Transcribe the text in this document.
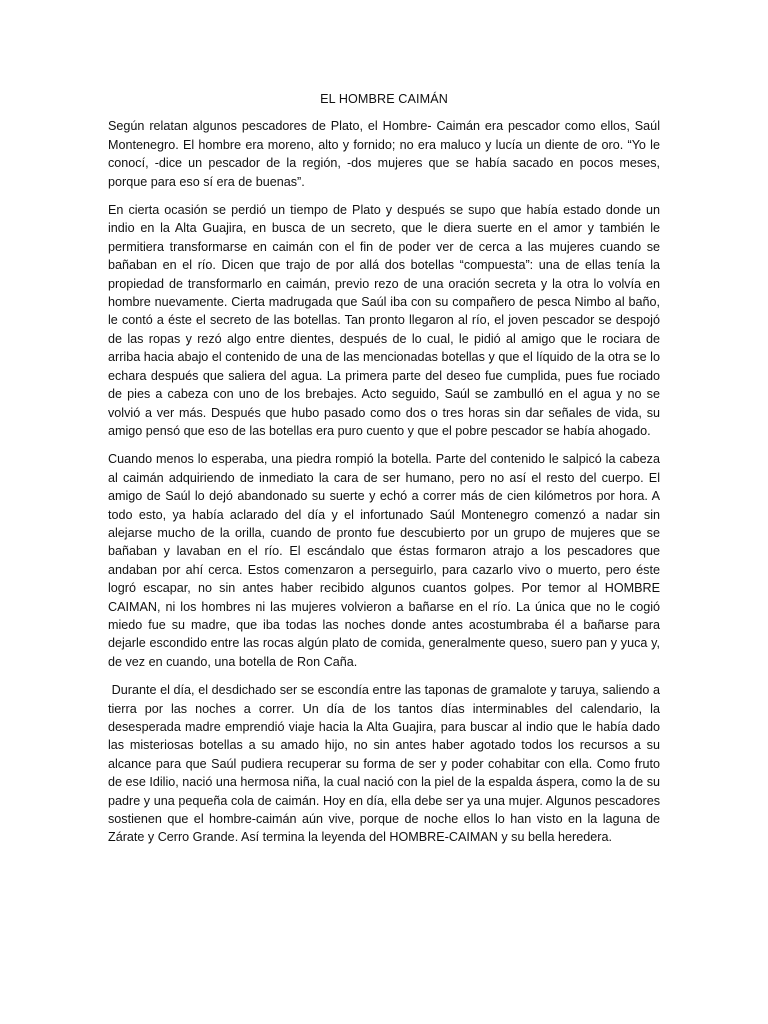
EL HOMBRE CAIMÁN

Según relatan algunos pescadores de Plato, el Hombre- Caimán era pescador como ellos, Saúl Montenegro. El hombre era moreno, alto y fornido; no era maluco y lucía un diente de oro. “Yo le conocí, -dice un pescador de la región, -dos mujeres que se había sacado en pocos meses, porque para eso sí era de buenas”.

En cierta ocasión se perdió un tiempo de Plato y después se supo que había estado donde un indio en la Alta Guajira, en busca de un secreto, que le diera suerte en el amor y también le permitiera transformarse en caimán con el fin de poder ver de cerca a las mujeres cuando se bañaban en el río. Dicen que trajo de por allá dos botellas “compuesta”: una de ellas tenía la propiedad de transformarlo en caimán, previo rezo de una oración secreta y la otra lo volvía en hombre nuevamente. Cierta madrugada que Saúl iba con su compañero de pesca Nimbo al baño, le contó a éste el secreto de las botellas. Tan pronto llegaron al río, el joven pescador se despojó de las ropas y rezó algo entre dientes, después de lo cual, le pidió al amigo que le rociara de arriba hacia abajo el contenido de una de las mencionadas botellas y que el líquido de la otra se lo echara después que saliera del agua. La primera parte del deseo fue cumplida, pues fue rociado de pies a cabeza con uno de los brebajes. Acto seguido, Saúl se zambulló en el agua y no se volvió a ver más. Después que hubo pasado como dos o tres horas sin dar señales de vida, su amigo pensó que eso de las botellas era puro cuento y que el pobre pescador se había ahogado.

Cuando menos lo esperaba, una piedra rompió la botella. Parte del contenido le salpicó la cabeza al caimán adquiriendo de inmediato la cara de ser humano, pero no así el resto del cuerpo. El amigo de Saúl lo dejó abandonado su suerte y echó a correr más de cien kilómetros por hora. A todo esto, ya había aclarado del día y el infortunado Saúl Montenegro comenzó a nadar sin alejarse mucho de la orilla, cuando de pronto fue descubierto por un grupo de mujeres que se bañaban y lavaban en el río. El escándalo que éstas formaron atrajo a los pescadores que andaban por ahí cerca. Estos comenzaron a perseguirlo, para cazarlo vivo o muerto, pero éste logró escapar, no sin antes haber recibido algunos cuantos golpes. Por temor al HOMBRE CAIMAN, ni los hombres ni las mujeres volvieron a bañarse en el río. La única que no le cogió miedo fue su madre, que iba todas las noches donde antes acostumbraba él a bañarse para dejarle escondido entre las rocas algún plato de comida, generalmente queso, suero pan y yuca y, de vez en cuando, una botella de Ron Caña.

Durante el día, el desdichado ser se escondía entre las taponas de gramalote y taruya, saliendo a tierra por las noches a correr. Un día de los tantos días interminables del calendario, la desesperada madre emprendió viaje hacia la Alta Guajira, para buscar al indio que le había dado las misteriosas botellas a su amado hijo, no sin antes haber agotado todos los recursos a su alcance para que Saúl pudiera recuperar su forma de ser y poder cohabitar con ella. Como fruto de ese Idilio, nació una hermosa niña, la cual nació con la piel de la espalda áspera, como la de su padre y una pequeña cola de caimán. Hoy en día, ella debe ser ya una mujer. Algunos pescadores sostienen que el hombre-caimán aún vive, porque de noche ellos lo han visto en la laguna de Zárate y Cerro Grande. Así termina la leyenda del HOMBRE-CAIMAN y su bella heredera.
